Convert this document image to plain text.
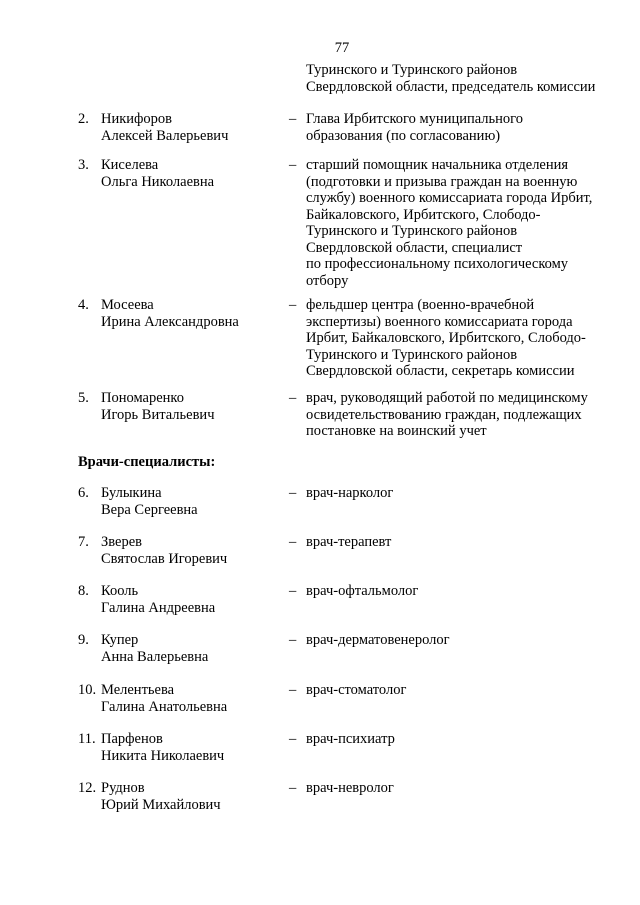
77
Туринского и Туринского районов
Свердловской области, председатель комиссии
2. Никифоров
Алексей Валерьевич
– Глава Ирбитского муниципального
образования (по согласованию)
3. Киселева
Ольга Николаевна
– старший помощник начальника отделения
(подготовки и призыва граждан на военную
службу) военного комиссариата города Ирбит,
Байкаловского, Ирбитского, Слободо-
Туринского и Туринского районов
Свердловской области, специалист
по профессиональному психологическому
отбору
4. Мосеева
Ирина Александровна
– фельдшер центра (военно-врачебной
экспертизы) военного комиссариата города
Ирбит, Байкаловского, Ирбитского, Слободо-
Туринского и Туринского районов
Свердловской области, секретарь комиссии
5. Пономаренко
Игорь Витальевич
– врач, руководящий работой по медицинскому
освидетельствованию граждан, подлежащих
постановке на воинский учет
Врачи-специалисты:
6. Булыкина
Вера Сергеевна
– врач-нарколог
7. Зверев
Святослав Игоревич
– врач-терапевт
8. Кооль
Галина Андреевна
– врач-офтальмолог
9. Купер
Анна Валерьевна
– врач-дерматовенеролог
10. Мелентьева
Галина Анатольевна
– врач-стоматолог
11. Парфенов
Никита Николаевич
– врач-психиатр
12. Руднов
Юрий Михайлович
– врач-невролог
